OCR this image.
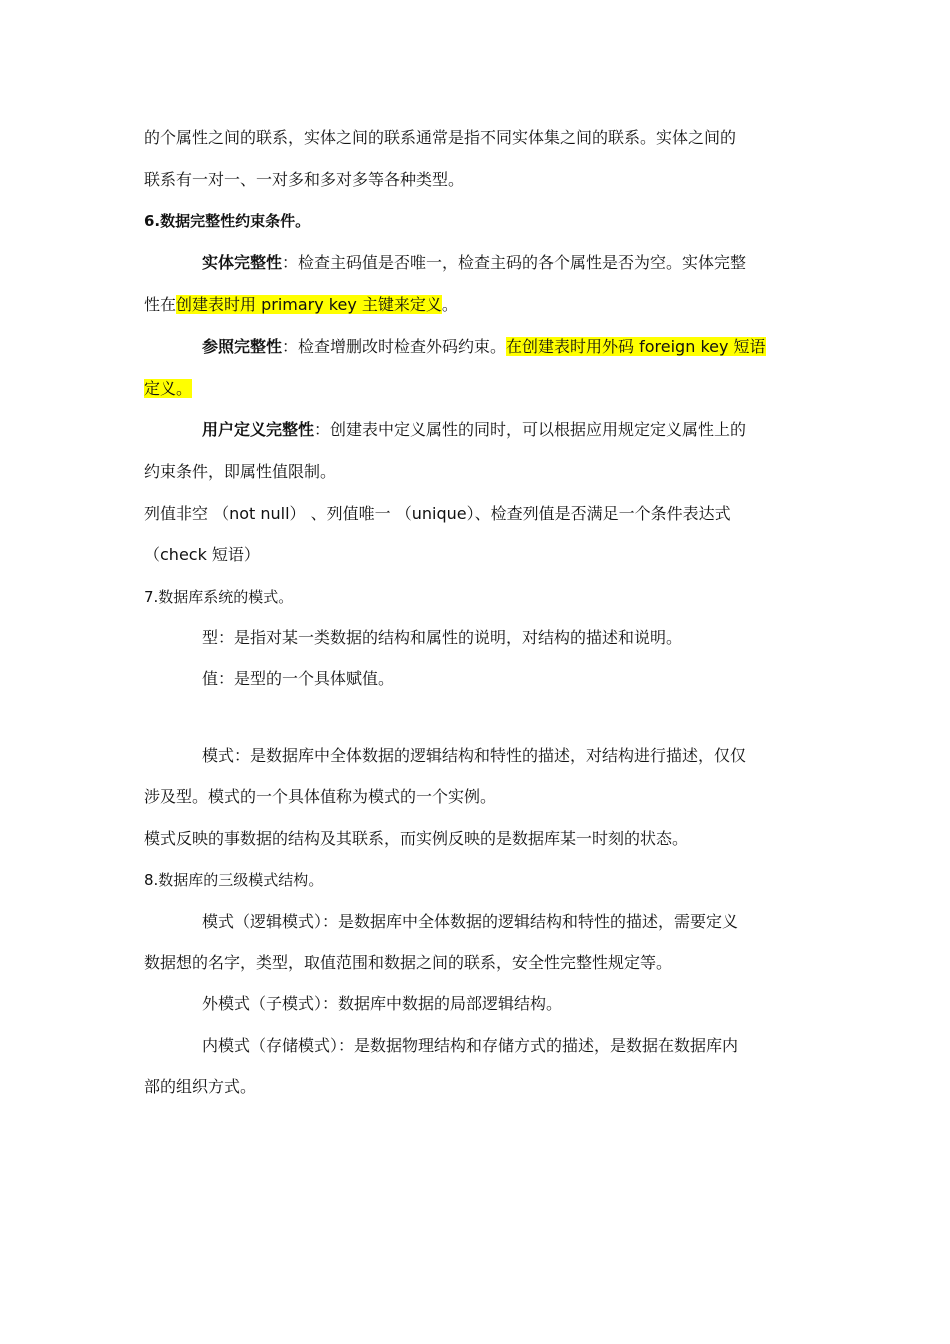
的个属性之间的联系，实体之间的联系通常是指不同实体集之间的联系。实体之间的
联系有一对一、一对多和多对多等各种类型。
6.数据完整性约束条件。
实体完整性：检查主码值是否唯一，检查主码的各个属性是否为空。实体完整
性在创建表时用 primary key 主键来定义。
参照完整性：检查增删改时检查外码约束。在创建表时用外码 foreign key 短语
定义。
用户定义完整性：创建表中定义属性的同时，可以根据应用规定定义属性上的
约束条件，即属性值限制。
列值非空 （not null） 、列值唯一 （unique）、检查列值是否满足一个条件表达式
（check 短语）
7.数据库系统的模式。
型：是指对某一类数据的结构和属性的说明，对结构的描述和说明。
值：是型的一个具体赋值。
模式：是数据库中全体数据的逻辑结构和特性的描述，对结构进行描述，仅仅
涉及型。模式的一个具体值称为模式的一个实例。
模式反映的事数据的结构及其联系，而实例反映的是数据库某一时刻的状态。
8.数据库的三级模式结构。
模式（逻辑模式）：是数据库中全体数据的逻辑结构和特性的描述，需要定义
数据想的名字，类型，取值范围和数据之间的联系，安全性完整性规定等。
外模式（子模式）：数据库中数据的局部逻辑结构。
内模式（存储模式）：是数据物理结构和存储方式的描述，是数据在数据库内
部的组织方式。
